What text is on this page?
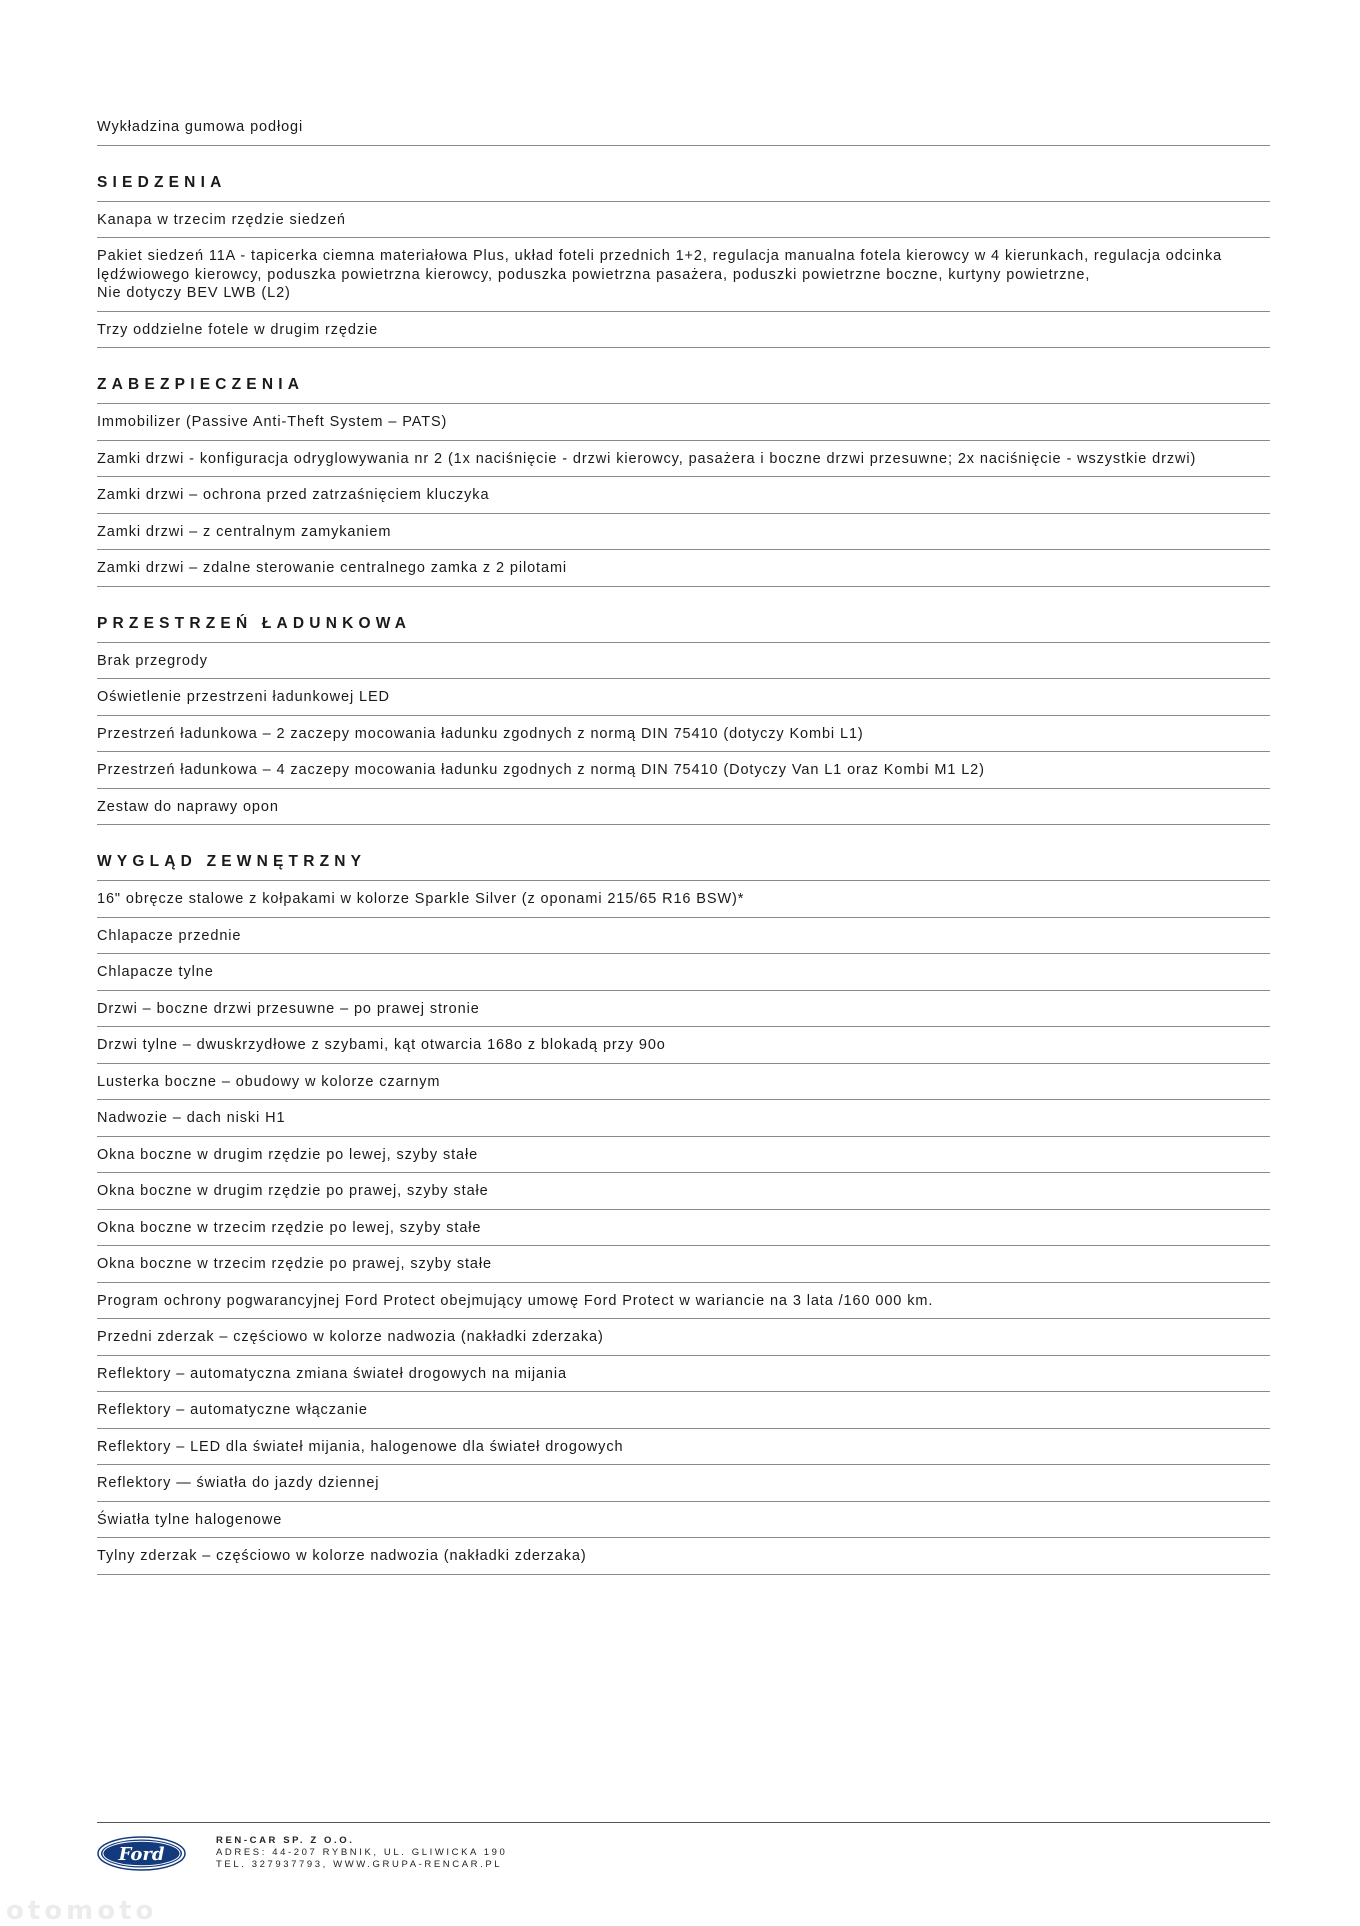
Wykładzina gumowa podłogi
SIEDZENIA
Kanapa w trzecim rzędzie siedzeń
Pakiet siedzeń 11A - tapicerka ciemna materiałowa Plus, układ foteli przednich 1+2, regulacja manualna fotela kierowcy w 4 kierunkach, regulacja odcinka lędźwiowego kierowcy, poduszka powietrzna kierowcy, poduszka powietrzna pasażera, poduszki powietrzne boczne, kurtyny powietrzne,
Nie dotyczy BEV LWB (L2)
Trzy oddzielne fotele w drugim rzędzie
ZABEZPIECZENIA
Immobilizer (Passive Anti-Theft System – PATS)
Zamki drzwi - konfiguracja odryglowywania nr 2 (1x naciśnięcie - drzwi kierowcy, pasażera i boczne drzwi przesuwne; 2x naciśnięcie - wszystkie drzwi)
Zamki drzwi – ochrona przed zatrzaśnięciem kluczyka
Zamki drzwi – z centralnym zamykaniem
Zamki drzwi – zdalne sterowanie centralnego zamka z 2 pilotami
PRZESTRZEŃ ŁADUNKOWA
Brak przegrody
Oświetlenie przestrzeni ładunkowej LED
Przestrzeń ładunkowa – 2 zaczepy mocowania ładunku zgodnych z normą DIN 75410 (dotyczy Kombi L1)
Przestrzeń ładunkowa – 4 zaczepy mocowania ładunku zgodnych z normą DIN 75410 (Dotyczy Van L1 oraz Kombi M1 L2)
Zestaw do naprawy opon
WYGLĄD ZEWNĘTRZNY
16" obręcze stalowe z kołpakami w kolorze Sparkle Silver (z oponami 215/65 R16 BSW)*
Chlapacze przednie
Chlapacze tylne
Drzwi – boczne drzwi przesuwne – po prawej stronie
Drzwi tylne – dwuskrzydłowe z szybami, kąt otwarcia 168o z blokadą przy 90o
Lusterka boczne – obudowy w kolorze czarnym
Nadwozie – dach niski H1
Okna boczne w drugim rzędzie po lewej, szyby stałe
Okna boczne w drugim rzędzie po prawej, szyby stałe
Okna boczne w trzecim rzędzie po lewej, szyby stałe
Okna boczne w trzecim rzędzie po prawej, szyby stałe
Program ochrony pogwarancyjnej Ford Protect obejmujący umowę Ford Protect w wariancie na 3 lata /160 000 km.
Przedni zderzak – częściowo w kolorze nadwozia (nakładki zderzaka)
Reflektory – automatyczna zmiana świateł drogowych na mijania
Reflektory – automatyczne włączanie
Reflektory – LED dla świateł mijania, halogenowe dla świateł drogowych
Reflektory — światła do jazdy dziennej
Światła tylne halogenowe
Tylny zderzak – częściowo w kolorze nadwozia (nakładki zderzaka)
Ford
REN-CAR SP. Z O.O.
ADRES: 44-207 RYBNIK, UL. GLIWICKA 190
TEL. 327937793, WWW.GRUPA-RENCAR.PL
otomoto
